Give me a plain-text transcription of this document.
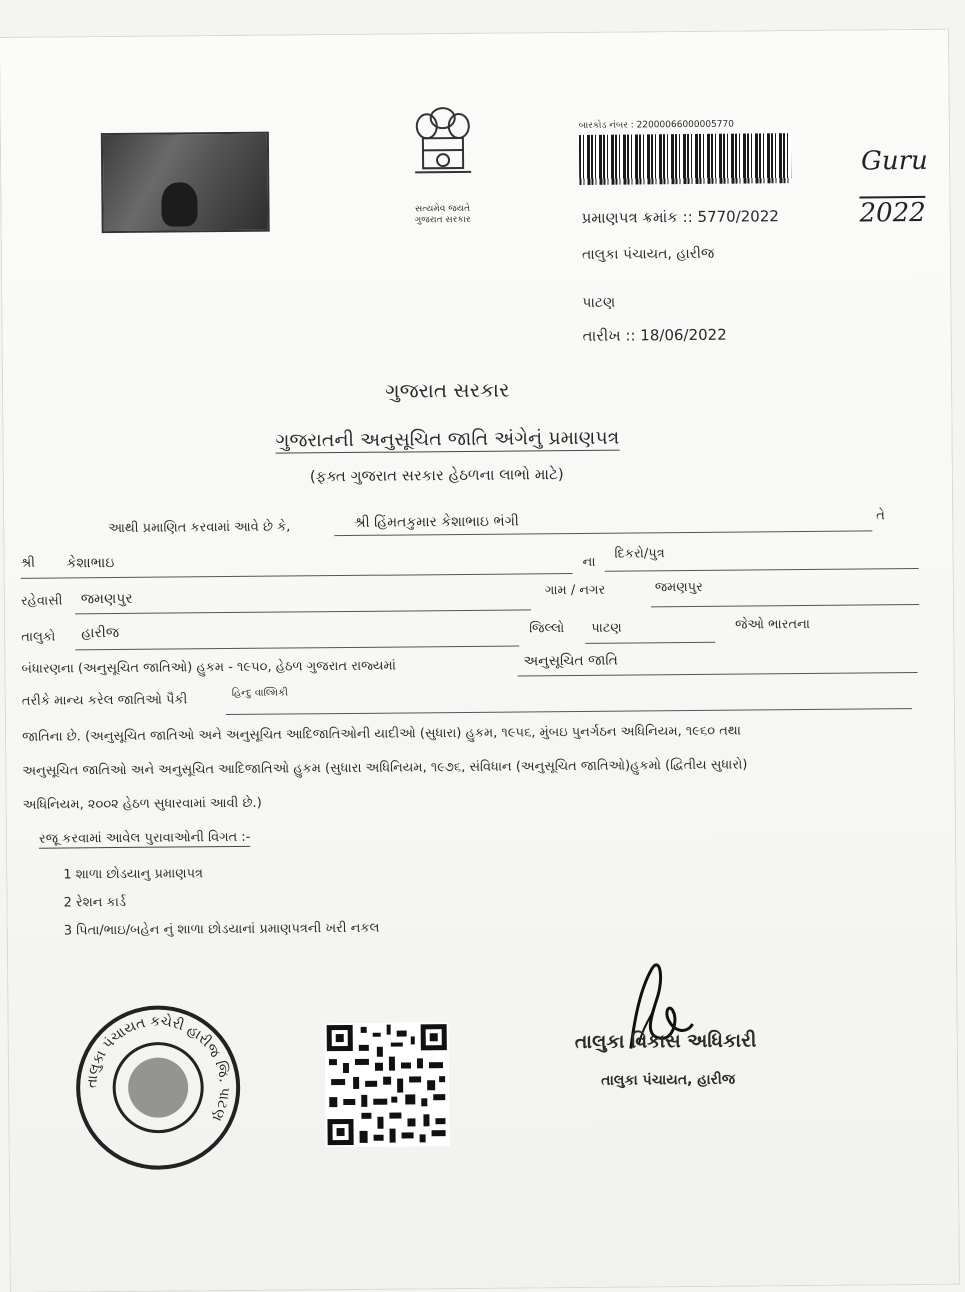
સત્યમેવ જયતે
ગુજરાત સરકાર
બારકોડ નંબર : 22000066000005770
Guru
2022
પ્રમાણપત્ર ક્રમાંક :: 5770/2022
તાલુકા પંચાયત, હારીજ
પાટણ
તારીખ :: 18/06/2022
ગુજરાત સરકાર
ગુજરાતની અનુસૂચિત જાતિ અંગેનું પ્રમાણપત્ર
(ફક્ત ગુજરાત સરકાર હેઠળના લાભો માટે)
આથી પ્રમાણિત કરવામાં આવે છે કે,	શ્રી હિંમતકુમાર કેશાભાઇ ભંગી	તે
શ્રી કેશાભાઇ	ના
દિકરો/પુત્ર
રહેવાસી જમણપુર
ગામ / નગર	જમણપુર
તાલુકો હારીજ	જિલ્લો પાટણ	જેઓ ભારતના
બંધારણના (અનુસૂચિત જાતિઓ) હુકમ - ૧૯૫૦, હેઠળ ગુજરાત રાજ્યમાં	અનુસૂચિત જાતિ
તરીકે માન્ય કરેલ જાતિઓ પૈકી	હિન્દુ વાલ્મિકી
જાતિના છે. (અનુસૂચિત જાતિઓ અને અનુસૂચિત આદિજાતિઓની યાદીઓ (સુધારા) હુકમ, ૧૯૫૬, મુંબઇ પુનર્ગઠન અધિનિયમ, ૧૯૬૦ તથા
અનુસૂચિત જાતિઓ અને અનુસૂચિત આદિજાતિઓ હુકમ (સુધારા અધિનિયમ, ૧૯૭૬, સંવિધાન (અનુસૂચિત જાતિઓ)હુકમો (દ્વિતીય સુધારો)
અધિનિયમ, ૨૦૦૨ હેઠળ સુધારવામાં આવી છે.)
રજૂ કરવામાં આવેલ પુરાવાઓની વિગત :-
1 શાળા છોડયાનુ પ્રમાણપત્ર
2 રેશન કાર્ડ
3 પિતા/ભાઇ/બહેન નું શાળા છોડયાનાં પ્રમાણપત્રની ખરી નકલ
તાલુકા પંચાયત કચેરી હારીજ જિ. પાટણ
તાલુકા વિકાસ અધિકારી
તાલુકા પંચાયત, હારીજ
